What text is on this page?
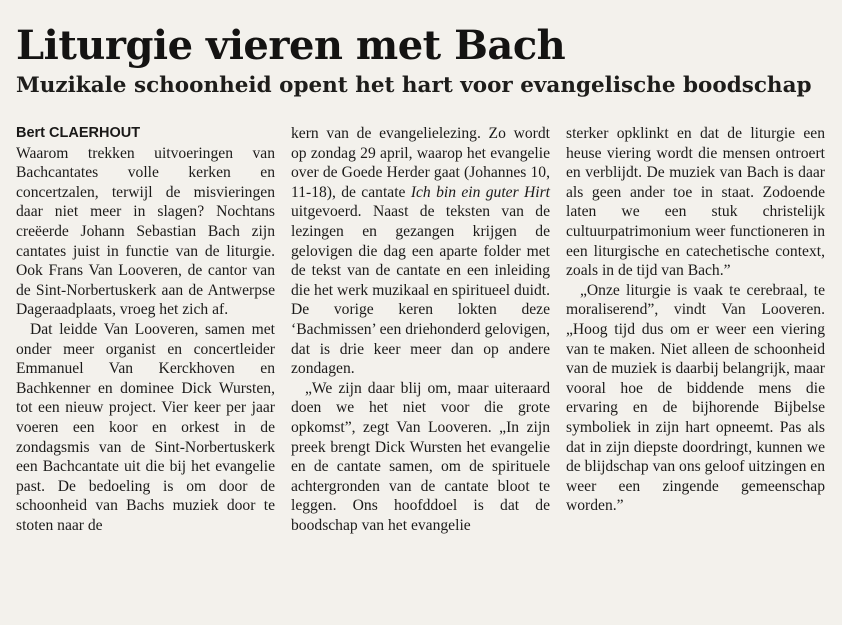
Liturgie vieren met Bach
Muzikale schoonheid opent het hart voor evangelische boodschap
Bert CLAERHOUT

Waarom trekken uitvoeringen van Bachcantates volle kerken en concertzalen, terwijl de misvieringen daar niet meer in slagen? Nochtans creëerde Johann Sebastian Bach zijn cantates juist in functie van de liturgie. Ook Frans Van Looveren, de cantor van de Sint-Norbertuskerk aan de Antwerpse Dageraadplaats, vroeg het zich af.

Dat leidde Van Looveren, samen met onder meer organist en concertleider Emmanuel Van Kerckhoven en Bachkenner en dominee Dick Wursten, tot een nieuw project. Vier keer per jaar voeren een koor en orkest in de zondagsmis van de Sint-Norbertuskerk een Bachcantate uit die bij het evangelie past. De bedoeling is om door de schoonheid van Bachs muziek door te stoten naar de

kern van de evangelielezing. Zo wordt op zondag 29 april, waarop het evangelie over de Goede Herder gaat (Johannes 10, 11-18), de cantate Ich bin ein guter Hirt uitgevoerd. Naast de teksten van de lezingen en gezangen krijgen de gelovigen die dag een aparte folder met de tekst van de cantate en een inleiding die het werk muzikaal en spiritueel duidt. De vorige keren lokten deze ‘Bachmissen’ een driehonderd gelovigen, dat is drie keer meer dan op andere zondagen.

„We zijn daar blij om, maar uiteraard doen we het niet voor die grote opkomst”, zegt Van Looveren. „In zijn preek brengt Dick Wursten het evangelie en de cantate samen, om de spirituele achtergronden van de cantate bloot te leggen. Ons hoofddoel is dat de boodschap van het evangelie

sterker opklinkt en dat de liturgie een heuse viering wordt die mensen ontroert en verblijdt. De muziek van Bach is daar als geen ander toe in staat. Zodoende laten we een stuk christelijk cultuurpatrimonium weer functioneren in een liturgische en catechetische context, zoals in de tijd van Bach.”

„Onze liturgie is vaak te cerebraal, te moraliserend”, vindt Van Looveren. „Hoog tijd dus om er weer een viering van te maken. Niet alleen de schoonheid van de muziek is daarbij belangrijk, maar vooral hoe de biddende mens die ervaring en de bijhorende Bijbelse symboliek in zijn hart opneemt. Pas als dat in zijn diepste doordringt, kunnen we de blijdschap van ons geloof uitzingen en weer een zingende gemeenschap worden.”
